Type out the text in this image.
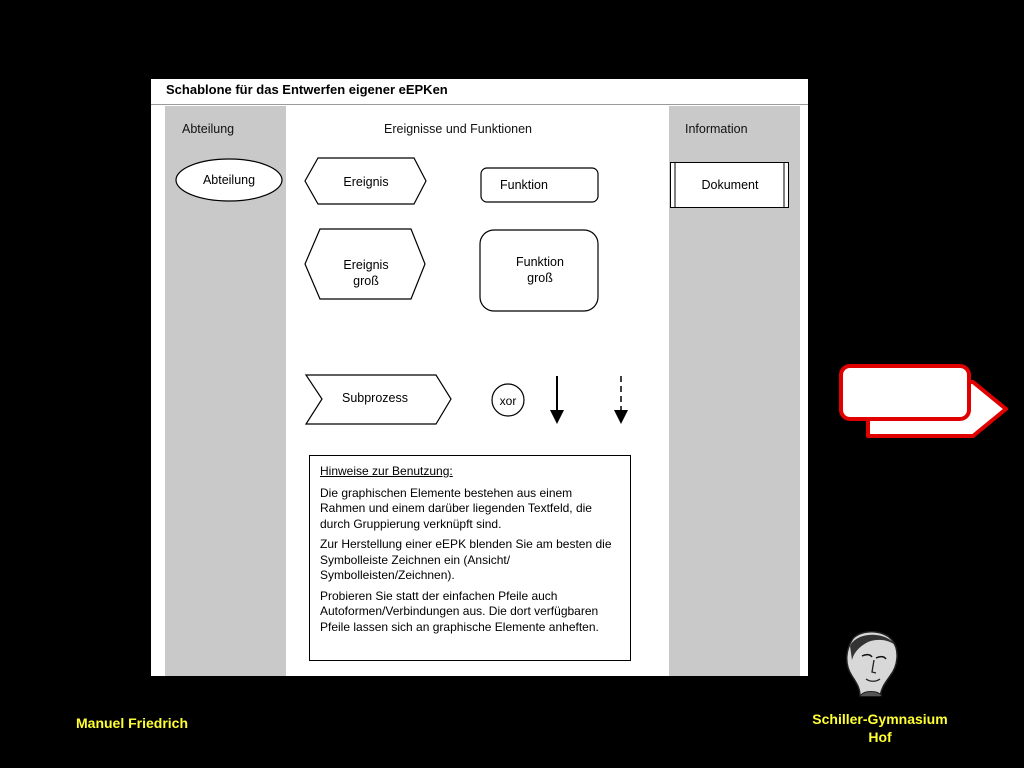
Schablone für das Entwerfen eigener eEPKen
Abteilung	Ereignisse und Funktionen	Information
Abteilung	Ereignis	Funktion	Dokument
Ereignis
groß
Funktion
groß
Subprozess	xor
Hinweise zur Benutzung:

Die graphischen Elemente bestehen aus einem Rahmen und einem darüber liegenden Textfeld, die durch Gruppierung verknüpft sind.

Zur Herstellung einer eEPK blenden Sie am besten die Symbolleiste Zeichnen ein (Ansicht/ Symbolleisten/Zeichnen).

Probieren Sie statt der einfachen Pfeile auch Autoformen/Verbindungen aus. Die dort verfügbaren Pfeile lassen sich an graphische Elemente anheften.

Manuel Friedrich	Schiller-Gymnasium
Hof
